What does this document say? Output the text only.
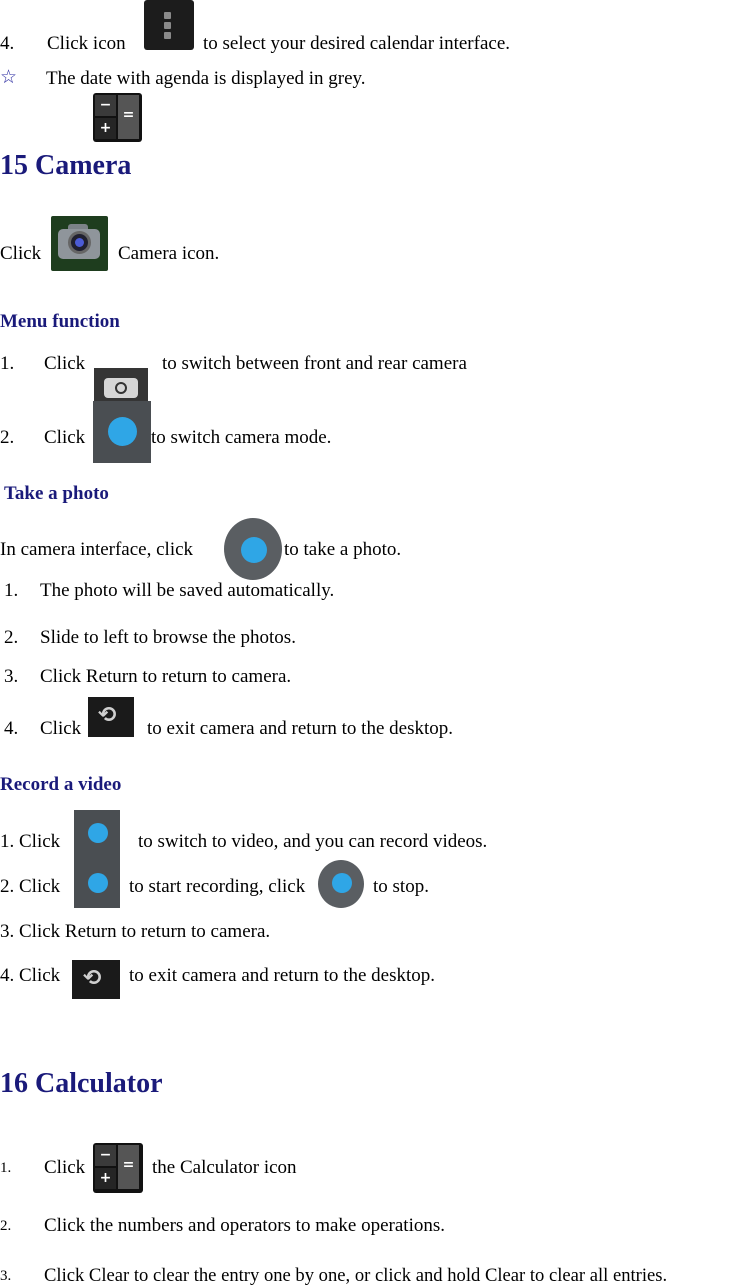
4. Click icon	to select your desired calendar interface.
☆ The date with agenda is displayed in grey.
−
=
+
15 Camera
Click	Camera icon.
Menu function
1. Click	to switch between front and rear camera
2. Click	to switch camera mode.
Take a photo
In camera interface, click	to take a photo.
1. The photo will be saved automatically.
2. Slide to left to browse the photos.
3. Click Return to return to camera.
4. Click
⟲
to exit camera and return to the desktop.
Record a video
1. Click	to switch to video, and you can record videos.
2. Click	to start recording, click	to stop.
3. Click Return to return to camera.
4. Click ⟲ to exit camera and return to the desktop.
16 Calculator
1. Click
−
=
+ the Calculator icon
2. Click the numbers and operators to make operations.
3. Click Clear to clear the entry one by one, or click and hold Clear to clear all entries.
